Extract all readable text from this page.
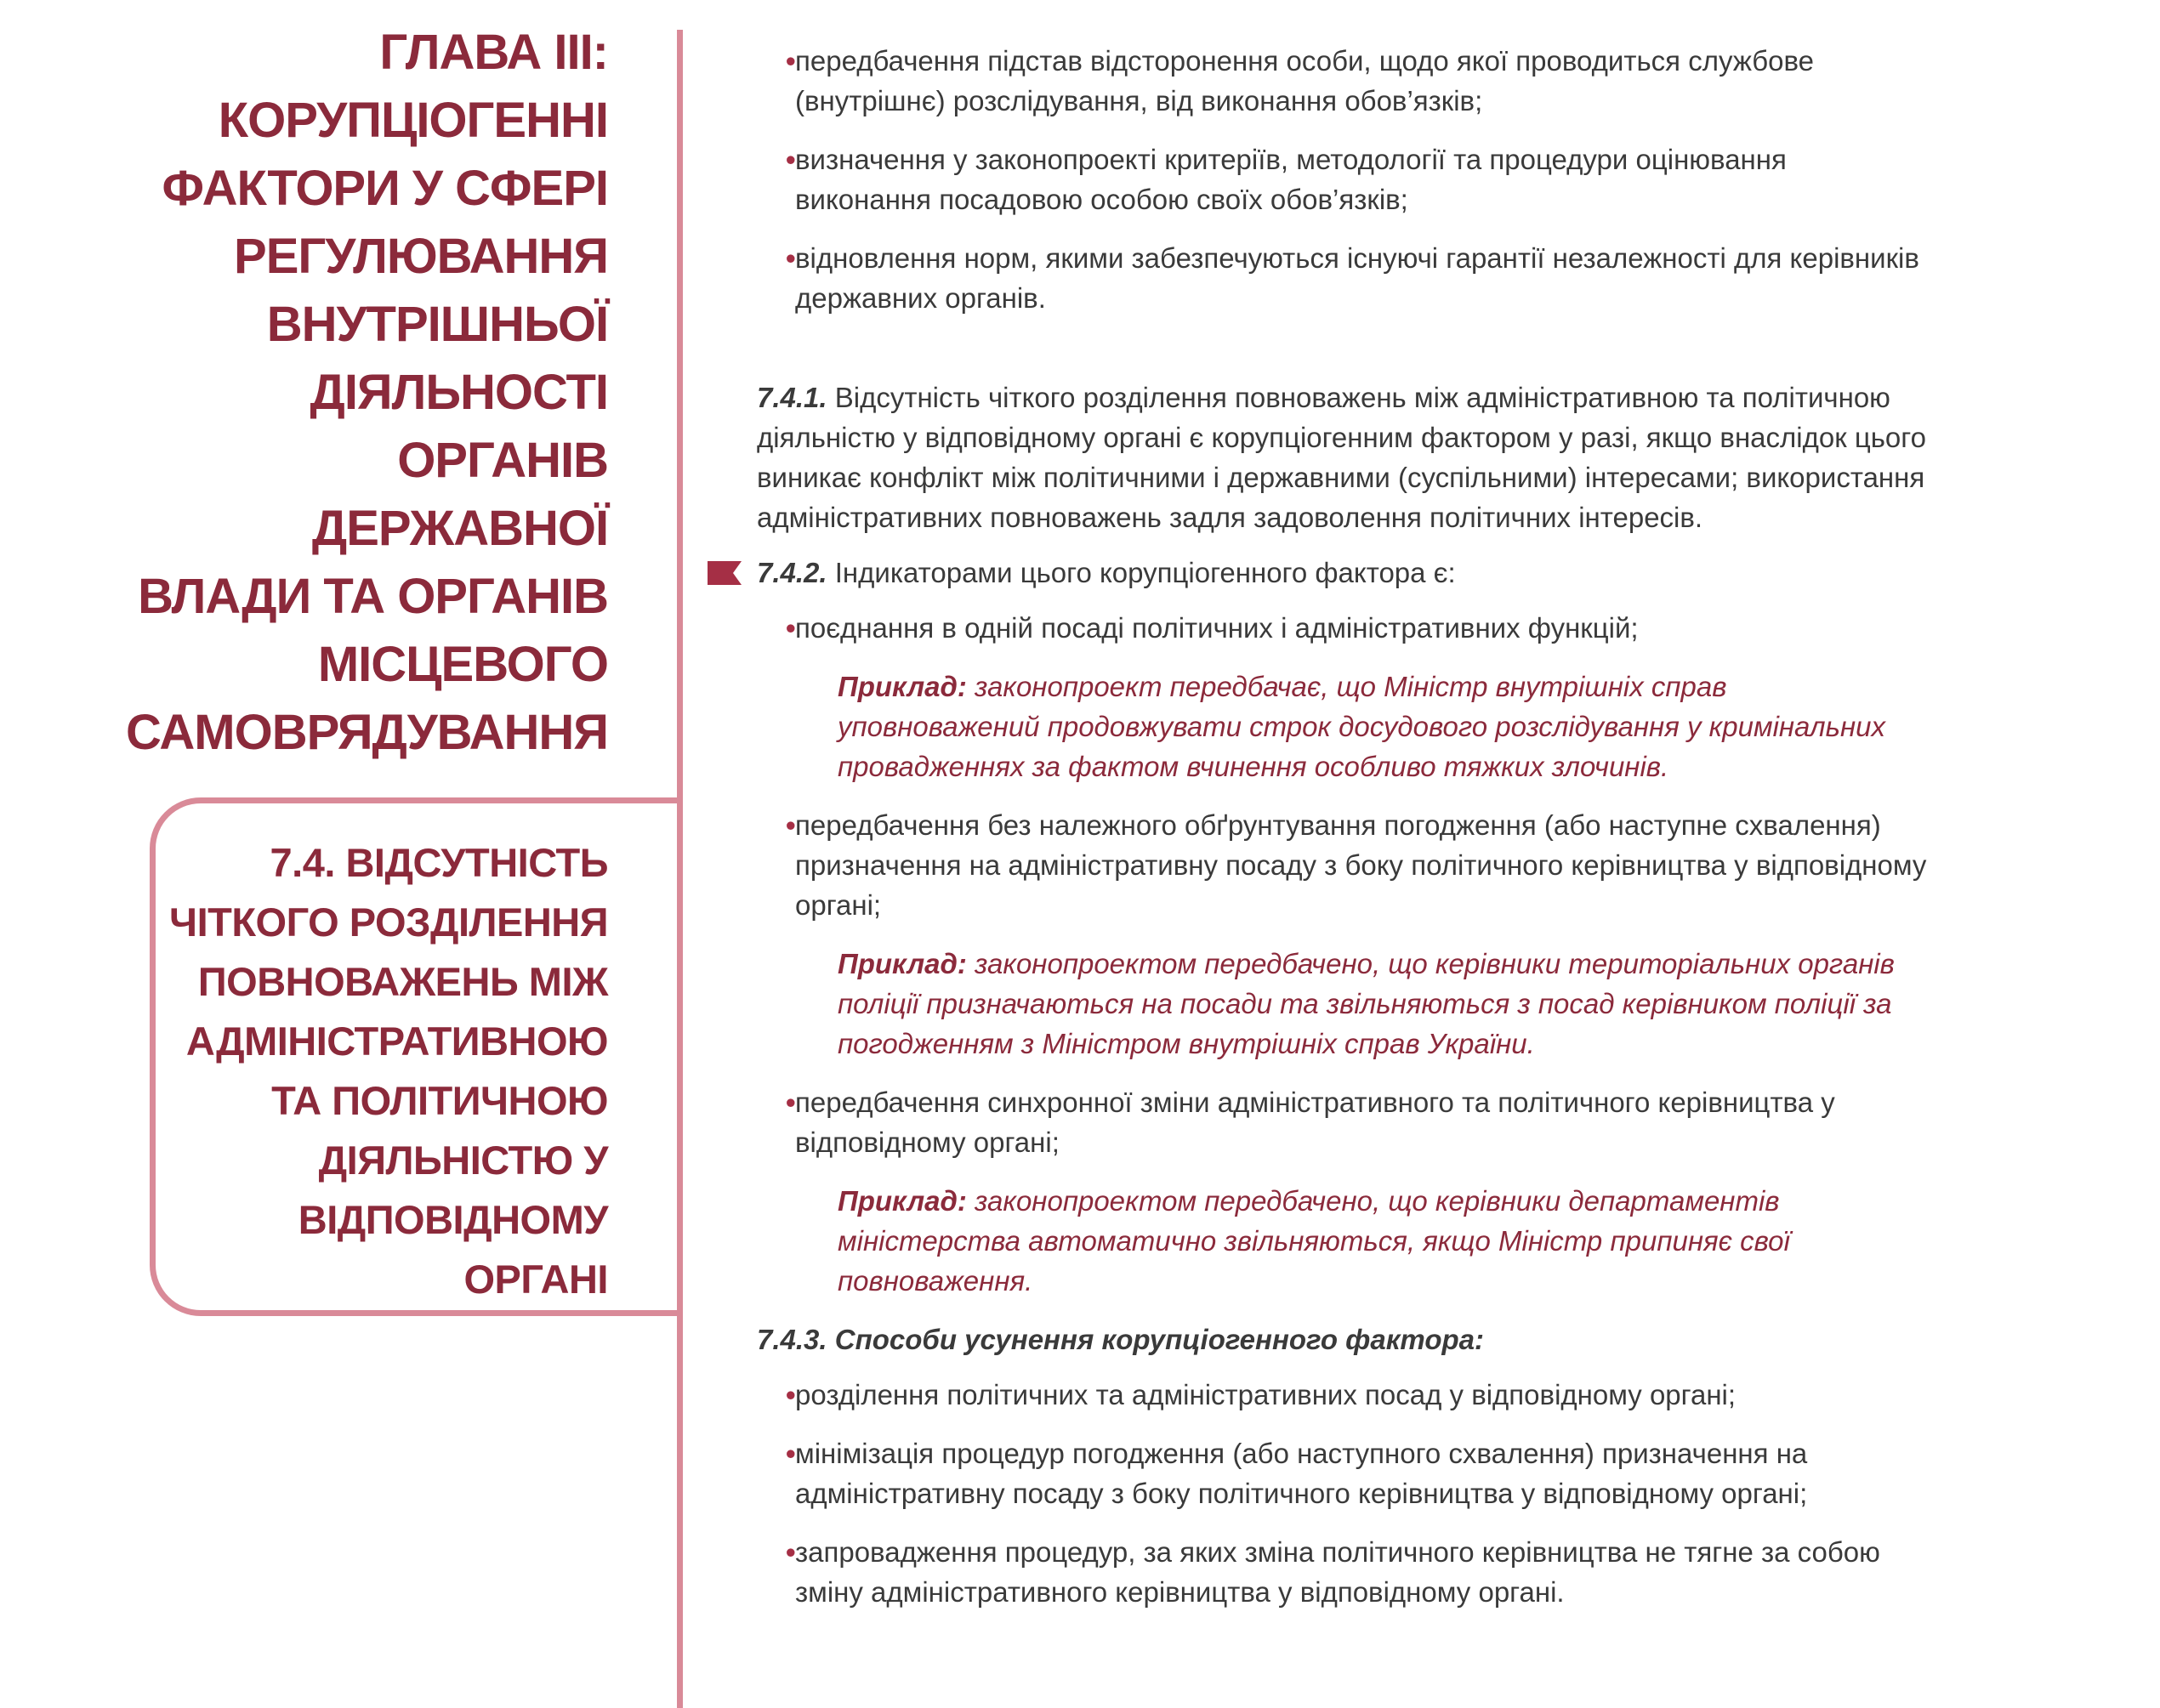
ГЛАВА III:
КОРУПЦІОГЕННІ
ФАКТОРИ У СФЕРІ
РЕГУЛЮВАННЯ
ВНУТРІШНЬОЇ
ДІЯЛЬНОСТІ
ОРГАНІВ
ДЕРЖАВНОЇ
ВЛАДИ ТА ОРГАНІВ
МІСЦЕВОГО
САМОВРЯДУВАННЯ
7.4. ВІДСУТНІСТЬ
ЧІТКОГО РОЗДІЛЕННЯ
ПОВНОВАЖЕНЬ МІЖ
АДМІНІСТРАТИВНОЮ
ТА ПОЛІТИЧНОЮ
ДІЯЛЬНІСТЮ У
ВІДПОВІДНОМУ
ОРГАНІ
• передбачення підстав відсторонення особи, щодо якої проводиться службове (внутрішнє) розслідування, від виконання обов’язків;
• визначення у законопроекті критеріїв, методології та процедури оцінювання виконання посадовою особою своїх обов’язків;
• відновлення норм, якими забезпечуються існуючі гарантії незалежності для керівників державних органів.
7.4.1. Відсутність чіткого розділення повноважень між адміністративною та політичною діяльністю у відповідному органі є корупціогенним фактором у разі, якщо внаслідок цього виникає конфлікт між політичними і державними (суспільними) інтересами; використання адміністративних повноважень задля задоволення політичних інтересів.
7.4.2. Індикаторами цього корупціогенного фактора є:
• поєднання в одній посаді політичних і адміністративних функцій;
Приклад: законопроект передбачає, що Міністр внутрішніх справ уповноважений продовжувати строк досудового розслідування у кримінальних провадженнях за фактом вчинення особливо тяжких злочинів.
• передбачення без належного обґрунтування погодження (або наступне схвалення) призначення на адміністративну посаду з боку політичного керівництва у відповідному органі;
Приклад: законопроектом передбачено, що керівники територіальних органів поліції призначаються на посади та звільняються з посад керівником поліції за погодженням з Міністром внутрішніх справ України.
• передбачення синхронної зміни адміністративного та політичного керівництва у відповідному органі;
Приклад: законопроектом передбачено, що керівники департаментів міністерства автоматично звільняються, якщо Міністр припиняє свої повноваження.
7.4.3. Способи усунення корупціогенного фактора:
• розділення політичних та адміністративних посад у відповідному органі;
• мінімізація процедур погодження (або наступного схвалення) призначення на адміністративну посаду з боку політичного керівництва у відповідному органі;
• запровадження процедур, за яких зміна політичного керівництва не тягне за собою зміну адміністративного керівництва у відповідному органі.
